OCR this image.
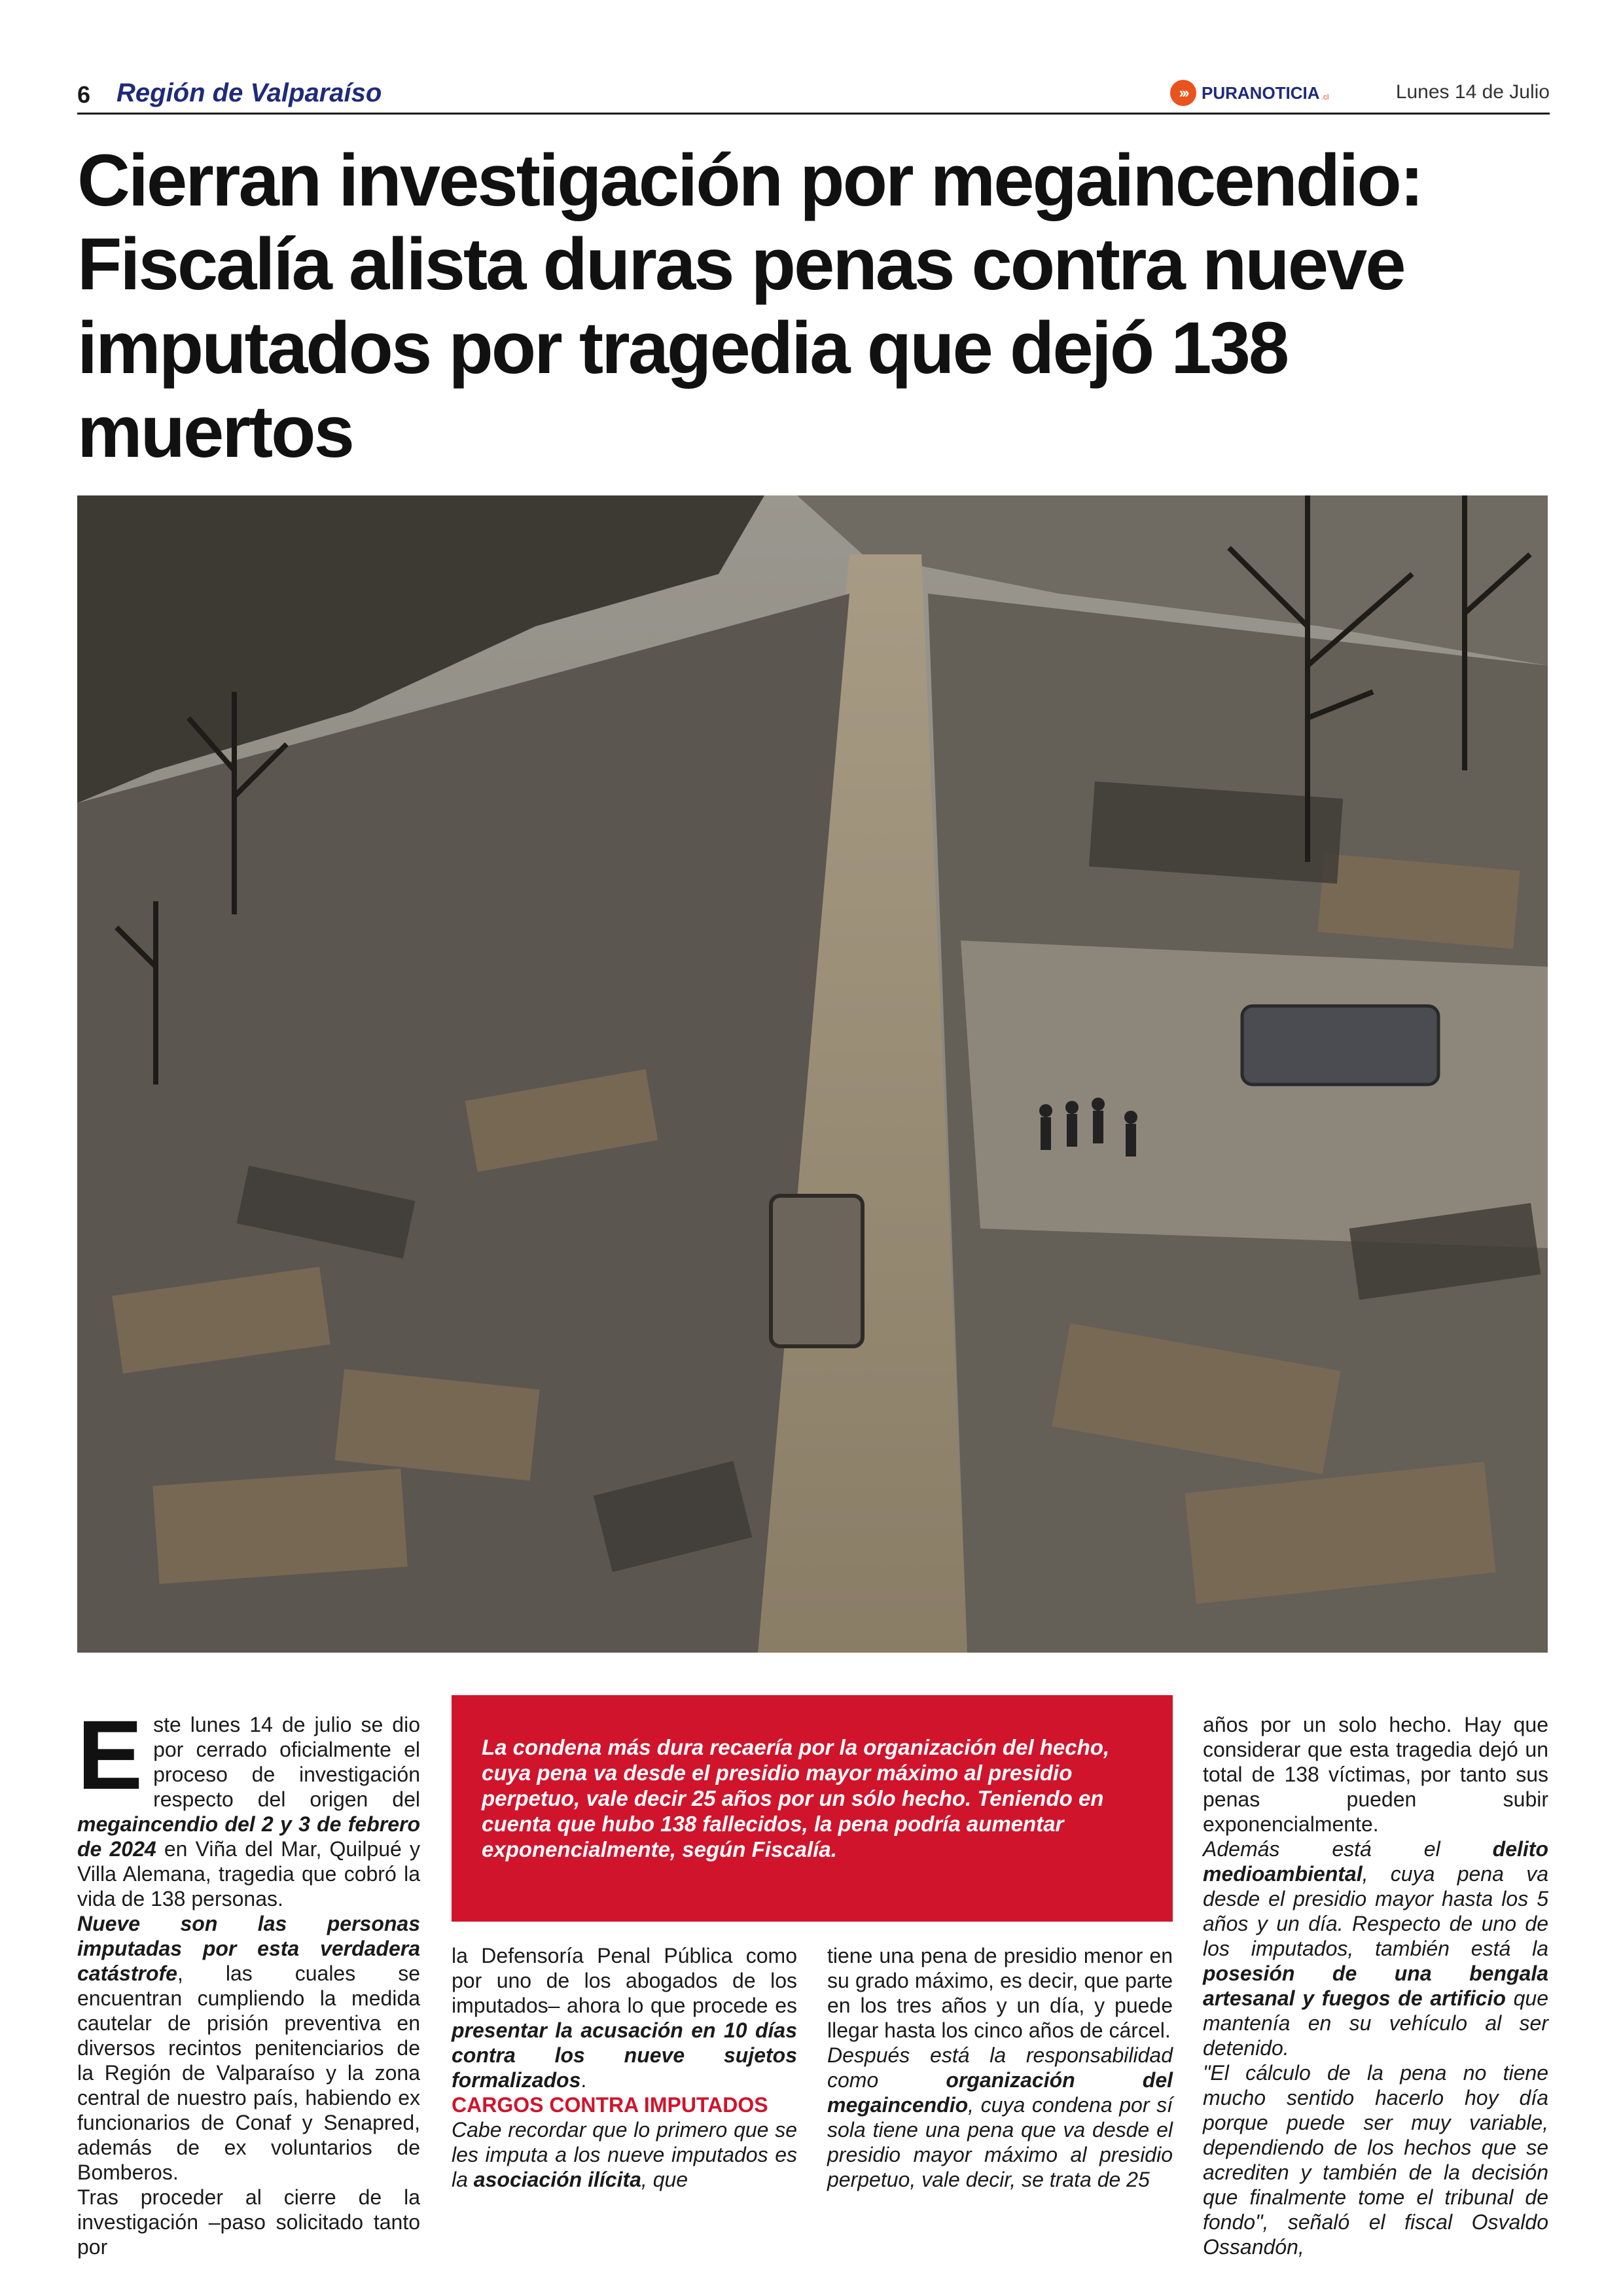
6 Región de Valparaíso	››› PURANOTICIA .cl	Lunes 14 de Julio
Cierran investigación por megaincendio: Fiscalía alista duras penas contra nueve imputados por tragedia que dejó 138 muertos

La condena más dura recaería por la organización del hecho, cuya pena va desde el presidio mayor máximo al presidio perpetuo, vale decir 25 años por un sólo hecho. Teniendo en cuenta que hubo 138 fallecidos, la pena podría aumentar exponencialmente, según Fiscalía.

Este lunes 14 de julio se dio por cerrado oficialmente el proceso de investigación respecto del origen del megaincendio del 2 y 3 de febrero de 2024 en Viña del Mar, Quilpué y Villa Alemana, tragedia que cobró la vida de 138 personas.

Nueve son las personas imputadas por esta verdadera catástrofe, las cuales se encuentran cumpliendo la medida cautelar de prisión preventiva en diversos recintos penitenciarios de la Región de Valparaíso y la zona central de nuestro país, habiendo ex funcionarios de Conaf y Senapred, además de ex voluntarios de Bomberos.

Tras proceder al cierre de la investigación –paso solicitado tanto por

la Defensoría Penal Pública como por uno de los abogados de los imputados– ahora lo que procede es presentar la acusación en 10 días contra los nueve sujetos formalizados.

CARGOS CONTRA IMPUTADOS

Cabe recordar que lo primero que se les imputa a los nueve imputados es la asociación ilícita, que

tiene una pena de presidio menor en su grado máximo, es decir, que parte en los tres años y un día, y puede llegar hasta los cinco años de cárcel.

Después está la responsabilidad como organización del megaincendio, cuya condena por sí sola tiene una pena que va desde el presidio mayor máximo al presidio perpetuo, vale decir, se trata de 25

años por un solo hecho. Hay que considerar que esta tragedia dejó un total de 138 víctimas, por tanto sus penas pueden subir exponencialmente.

Además está el delito medioambiental, cuya pena va desde el presidio mayor hasta los 5 años y un día. Respecto de uno de los imputados, también está la posesión de una bengala artesanal y fuegos de artificio que mantenía en su vehículo al ser detenido.

"El cálculo de la pena no tiene mucho sentido hacerlo hoy día porque puede ser muy variable, dependiendo de los hechos que se acrediten y también de la decisión que finalmente tome el tribunal de fondo", señaló el fiscal Osvaldo Ossandón,
